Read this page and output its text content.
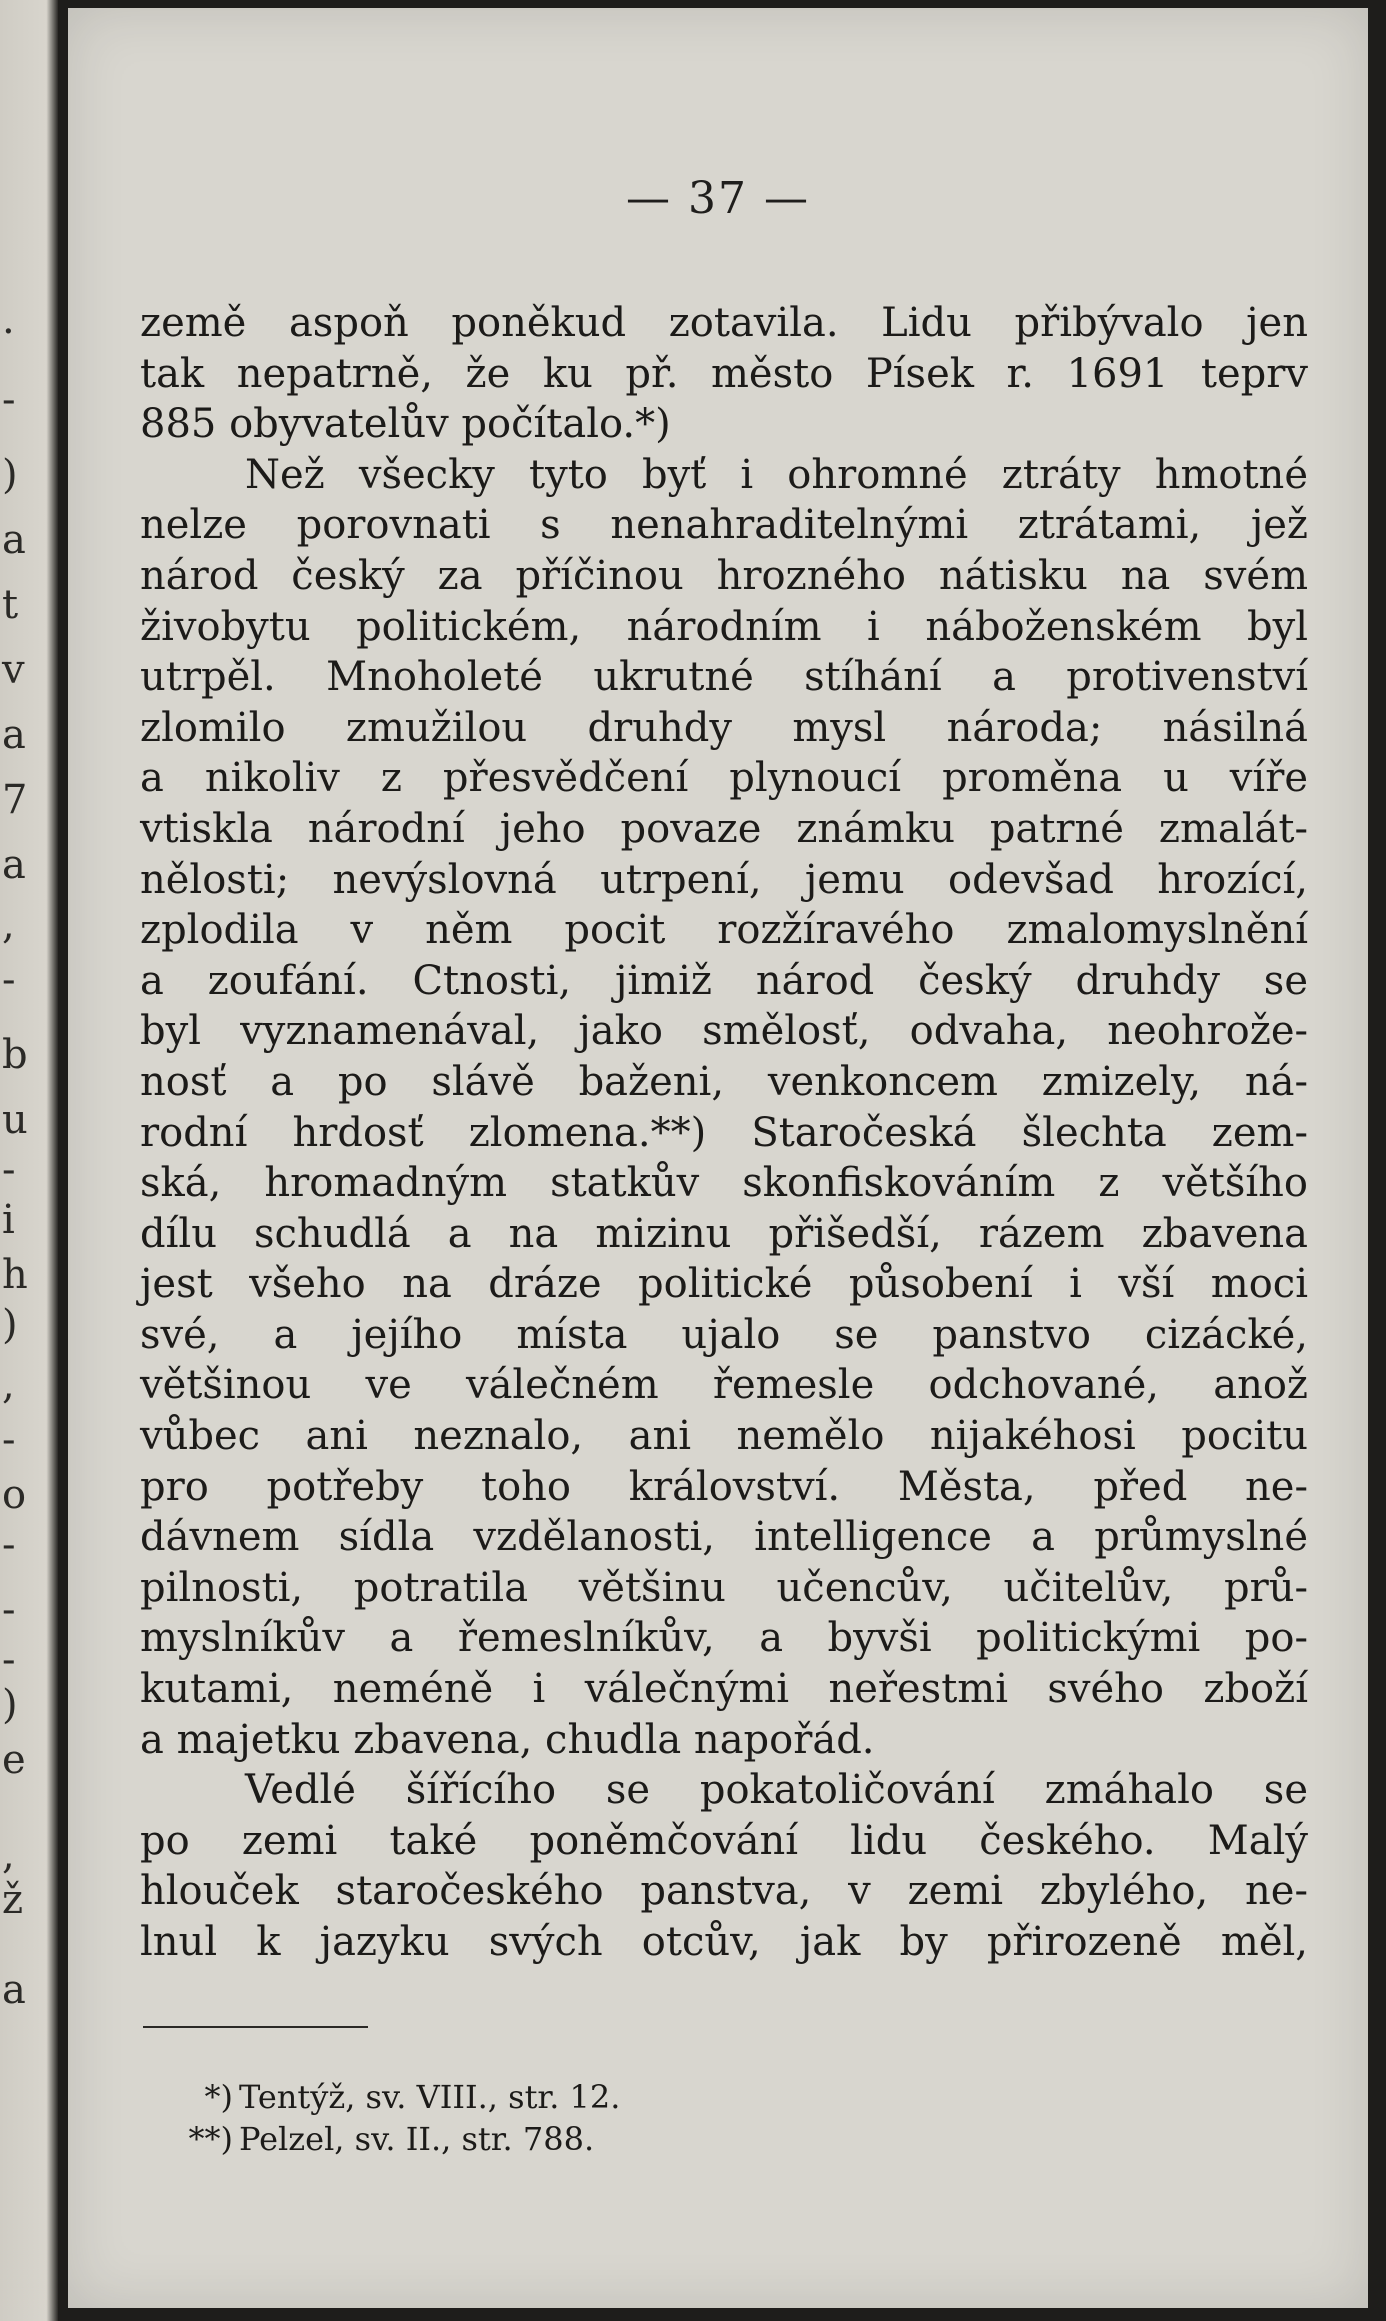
.
-
)
a
t
v
a
7
a
,
-
b
u
-
i
h
)
,
-
o
-
-
-
)
e
,
ž
a
— 37 —
země aspoň poněkud zotavila. Lidu přibývalo jen
tak nepatrně, že ku př. město Písek r. 1691 teprv
885 obyvatelův počítalo.*)
Než všecky tyto byť i ohromné ztráty hmotné
nelze porovnati s nenahraditelnými ztrátami, jež
národ český za příčinou hrozného nátisku na svém
živobytu politickém, národním i náboženském byl
utrpěl. Mnoholeté ukrutné stíhání a protivenství
zlomilo zmužilou druhdy mysl národa; násilná
a nikoliv z přesvědčení plynoucí proměna u víře
vtiskla národní jeho povaze známku patrné zmalát-
nělosti; nevýslovná utrpení, jemu odevšad hrozící,
zplodila v něm pocit rozžíravého zmalomyslnění
a zoufání. Ctnosti, jimiž národ český druhdy se
byl vyznamenával, jako smělosť, odvaha, neohrože-
nosť a po slávě baženi, venkoncem zmizely, ná-
rodní hrdosť zlomena.**) Staročeská šlechta zem-
ská, hromadným statkův skonfiskováním z většího
dílu schudlá a na mizinu přišedší, rázem zbavena
jest všeho na dráze politické působení i vší moci
své, a jejího místa ujalo se panstvo cizácké,
většinou ve válečném řemesle odchované, anož
vůbec ani neznalo, ani nemělo nijakéhosi pocitu
pro potřeby toho království. Města, před ne-
dávnem sídla vzdělanosti, intelligence a průmyslné
pilnosti, potratila většinu učencův, učitelův, prů-
myslníkův a řemeslníkův, a byvši politickými po-
kutami, neméně i válečnými neřestmi svého zboží
a majetku zbavena, chudla napořád.
Vedlé šířícího se pokatoličování zmáhalo se
po zemi také poněmčování lidu českého. Malý
hlouček staročeského panstva, v zemi zbylého, ne-
lnul k jazyku svých otcův, jak by přirozeně měl,
*) Tentýž, sv. VIII., str. 12.
**) Pelzel, sv. II., str. 788.
